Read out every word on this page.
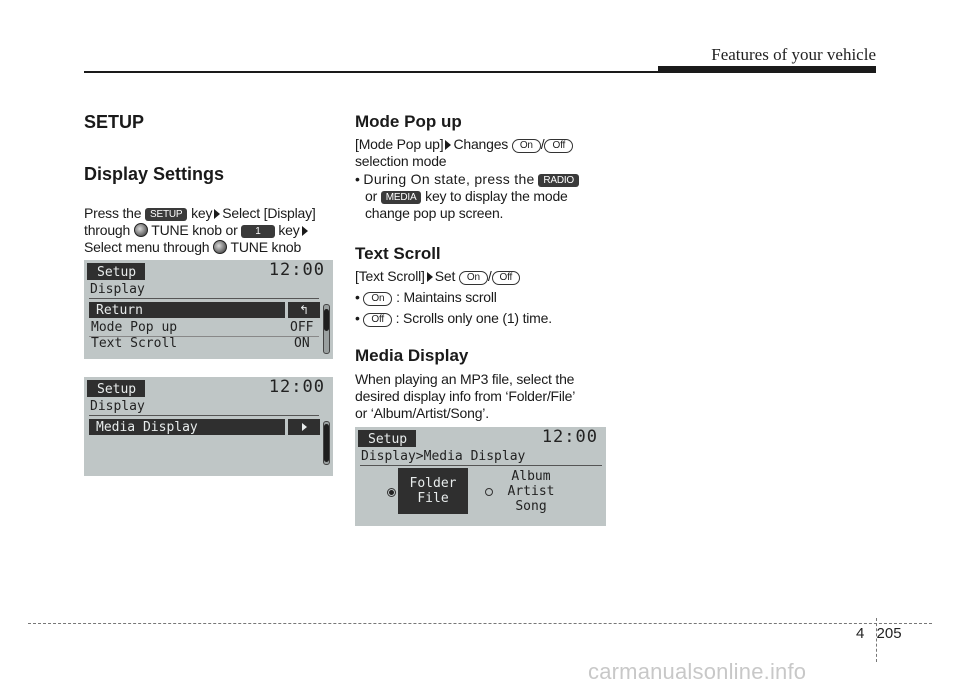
Features of your vehicle
SETUP
Display Settings

Press the SETUP key Select [Display]

through TUNE knob or 1 key

Select menu through TUNE knob

Setup	12:00
Display
Return	↰
Mode Pop up	OFF
Text Scroll	ON
Setup	12:00
Display
Media Display
Mode Pop up

[Mode Pop up] Changes On / Off

selection mode

• During On state, press the RADIO

or MEDIA key to display the mode

change pop up screen.

Text Scroll

[Text Scroll] Set On / Off

• On : Maintains scroll

• Off : Scrolls only one (1) time.

Media Display

When playing an MP3 file, select the

desired display info from ‘Folder/File’

or ‘Album/Artist/Song’.

Setup	12:00
Display>Media Display
Folder
File
Album
Artist
Song
4 205
carmanualsonline.info
